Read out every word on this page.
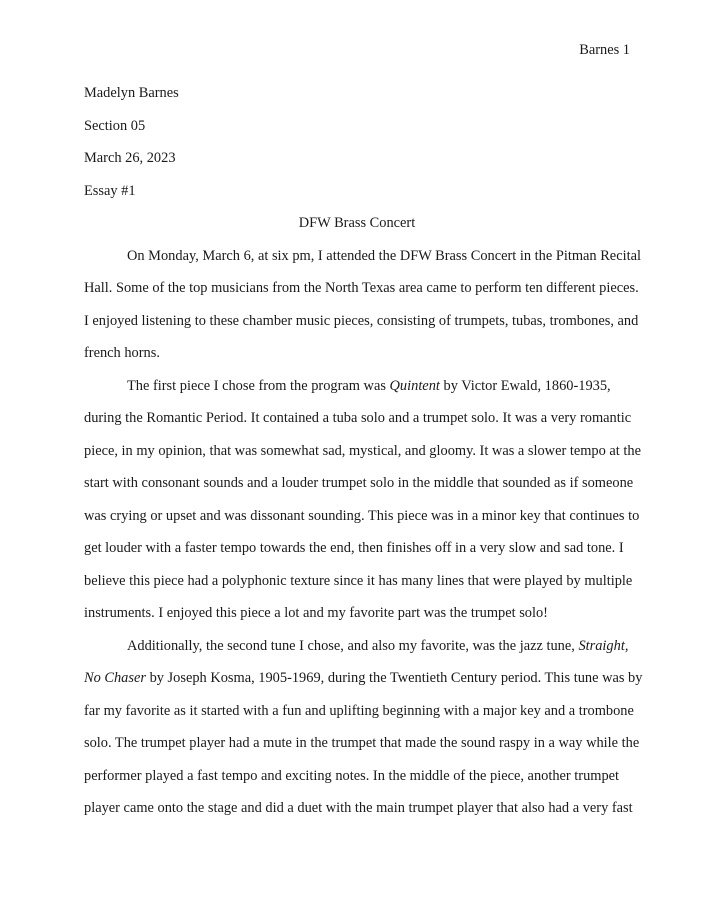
Barnes 1
Madelyn Barnes
Section 05
March 26, 2023
Essay #1
DFW Brass Concert
On Monday, March 6, at six pm, I attended the DFW Brass Concert in the Pitman Recital
Hall. Some of the top musicians from the North Texas area came to perform ten different pieces.
I enjoyed listening to these chamber music pieces, consisting of trumpets, tubas, trombones, and
french horns.
The first piece I chose from the program was Quintent by Victor Ewald, 1860-1935,
during the Romantic Period. It contained a tuba solo and a trumpet solo. It was a very romantic
piece, in my opinion, that was somewhat sad, mystical, and gloomy. It was a slower tempo at the
start with consonant sounds and a louder trumpet solo in the middle that sounded as if someone
was crying or upset and was dissonant sounding. This piece was in a minor key that continues to
get louder with a faster tempo towards the end, then finishes off in a very slow and sad tone. I
believe this piece had a polyphonic texture since it has many lines that were played by multiple
instruments. I enjoyed this piece a lot and my favorite part was the trumpet solo!
Additionally, the second tune I chose, and also my favorite, was the jazz tune, Straight,
No Chaser by Joseph Kosma, 1905-1969, during the Twentieth Century period. This tune was by
far my favorite as it started with a fun and uplifting beginning with a major key and a trombone
solo. The trumpet player had a mute in the trumpet that made the sound raspy in a way while the
performer played a fast tempo and exciting notes. In the middle of the piece, another trumpet
player came onto the stage and did a duet with the main trumpet player that also had a very fast
